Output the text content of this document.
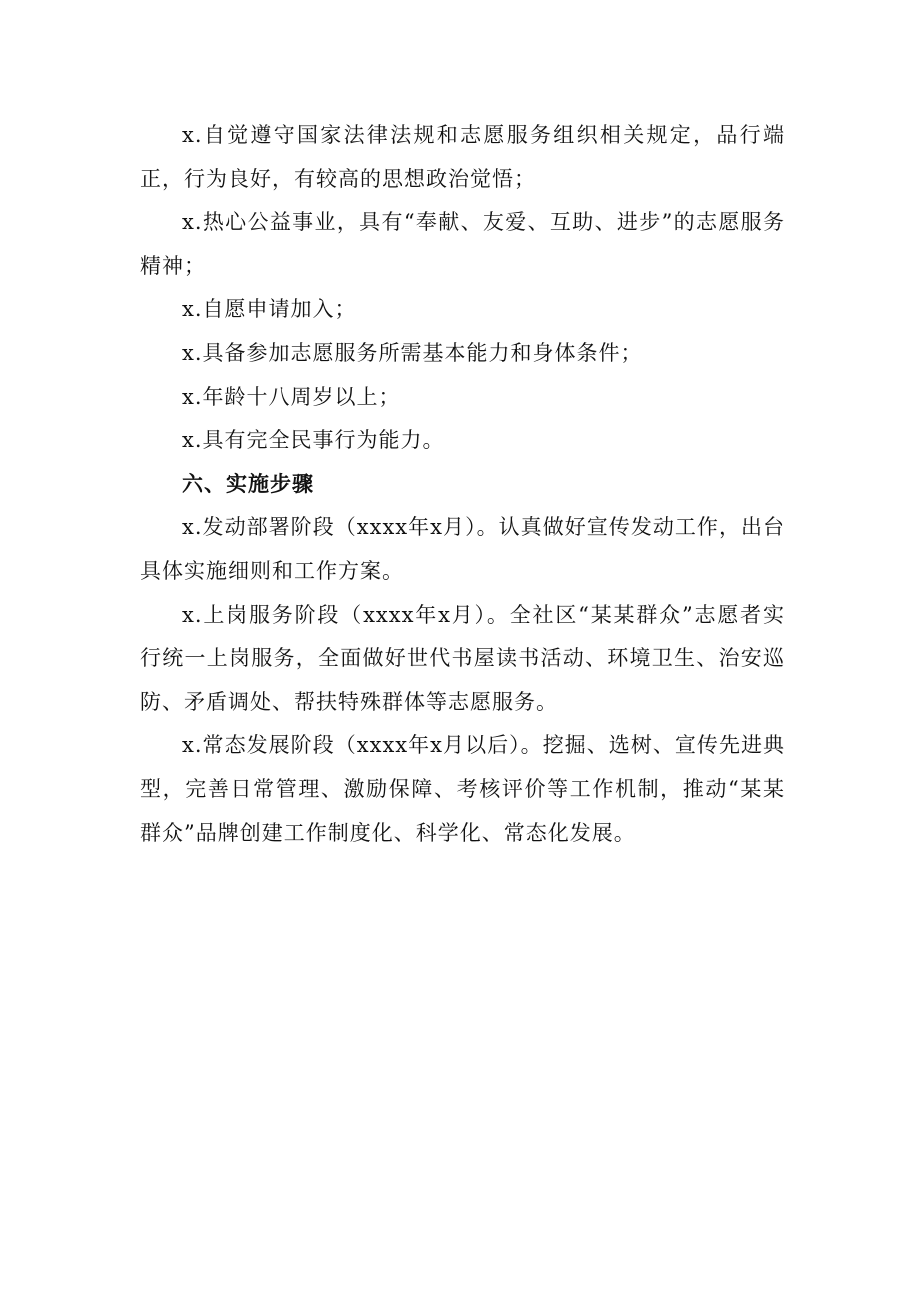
x.自觉遵守国家法律法规和志愿服务组织相关规定，品行端正，行为良好，有较高的思想政治觉悟；

x.热心公益事业，具有“奉献、友爱、互助、进步”的志愿服务精神；

x.自愿申请加入；

x.具备参加志愿服务所需基本能力和身体条件；

x.年龄十八周岁以上；

x.具有完全民事行为能力。

六、实施步骤

x.发动部署阶段（xxxx年x月）。认真做好宣传发动工作，出台具体实施细则和工作方案。

x.上岗服务阶段（xxxx年x月）。全社区“某某群众”志愿者实行统一上岗服务，全面做好世代书屋读书活动、环境卫生、治安巡防、矛盾调处、帮扶特殊群体等志愿服务。

x.常态发展阶段（xxxx年x月以后）。挖掘、选树、宣传先进典型，完善日常管理、激励保障、考核评价等工作机制，推动“某某群众”品牌创建工作制度化、科学化、常态化发展。
